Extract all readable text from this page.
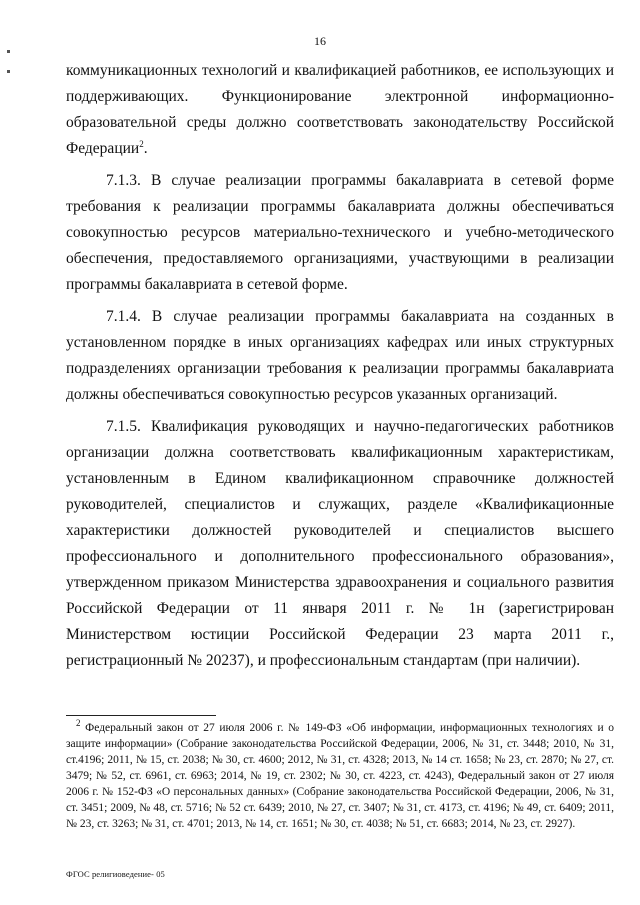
16

коммуникационных технологий и квалификацией работников, ее использующих и поддерживающих. Функционирование электронной информационно-образовательной среды должно соответствовать законодательству Российской Федерации$^2$.

7.1.3. В случае реализации программы бакалавриата в сетевой форме требования к реализации программы бакалавриата должны обеспечиваться совокупностью ресурсов материально-технического и учебно-методического обеспечения, предоставляемого организациями, участвующими в реализации программы бакалавриата в сетевой форме.

7.1.4. В случае реализации программы бакалавриата на созданных в установленном порядке в иных организациях кафедрах или иных структурных подразделениях организации требования к реализации программы бакалавриата должны обеспечиваться совокупностью ресурсов указанных организаций.

7.1.5. Квалификация руководящих и научно-педагогических работников организации должна соответствовать квалификационным характеристикам, установленным в Едином квалификационном справочнике должностей руководителей, специалистов и служащих, разделе «Квалификационные характеристики должностей руководителей и специалистов высшего профессионального и дополнительного профессионального образования», утвержденном приказом Министерства здравоохранения и социального развития Российской Федерации от 11 января 2011 г. № 1н (зарегистрирован Министерством юстиции Российской Федерации 23 марта 2011 г., регистрационный № 20237), и профессиональным стандартам (при наличии).

$^2$ Федеральный закон от 27 июля 2006 г. № 149-ФЗ «Об информации, информационных технологиях и о защите информации» (Собрание законодательства Российской Федерации, 2006, № 31, ст. 3448; 2010, № 31, ст.4196; 2011, № 15, ст. 2038; № 30, ст. 4600; 2012, № 31, ст. 4328; 2013, № 14 ст. 1658; № 23, ст. 2870; № 27, ст. 3479; № 52, ст. 6961, ст. 6963; 2014, № 19, ст. 2302; № 30, ст. 4223, ст. 4243), Федеральный закон от 27 июля 2006 г. № 152-ФЗ «О персональных данных» (Собрание законодательства Российской Федерации, 2006, № 31, ст. 3451; 2009, № 48, ст. 5716; № 52 ст. 6439; 2010, № 27, ст. 3407; № 31, ст. 4173, ст. 4196; № 49, ст. 6409; 2011, № 23, ст. 3263; № 31, ст. 4701; 2013, № 14, ст. 1651; № 30, ст. 4038; № 51, ст. 6683; 2014, № 23, ст. 2927).

ФГОС религиоведение- 05
